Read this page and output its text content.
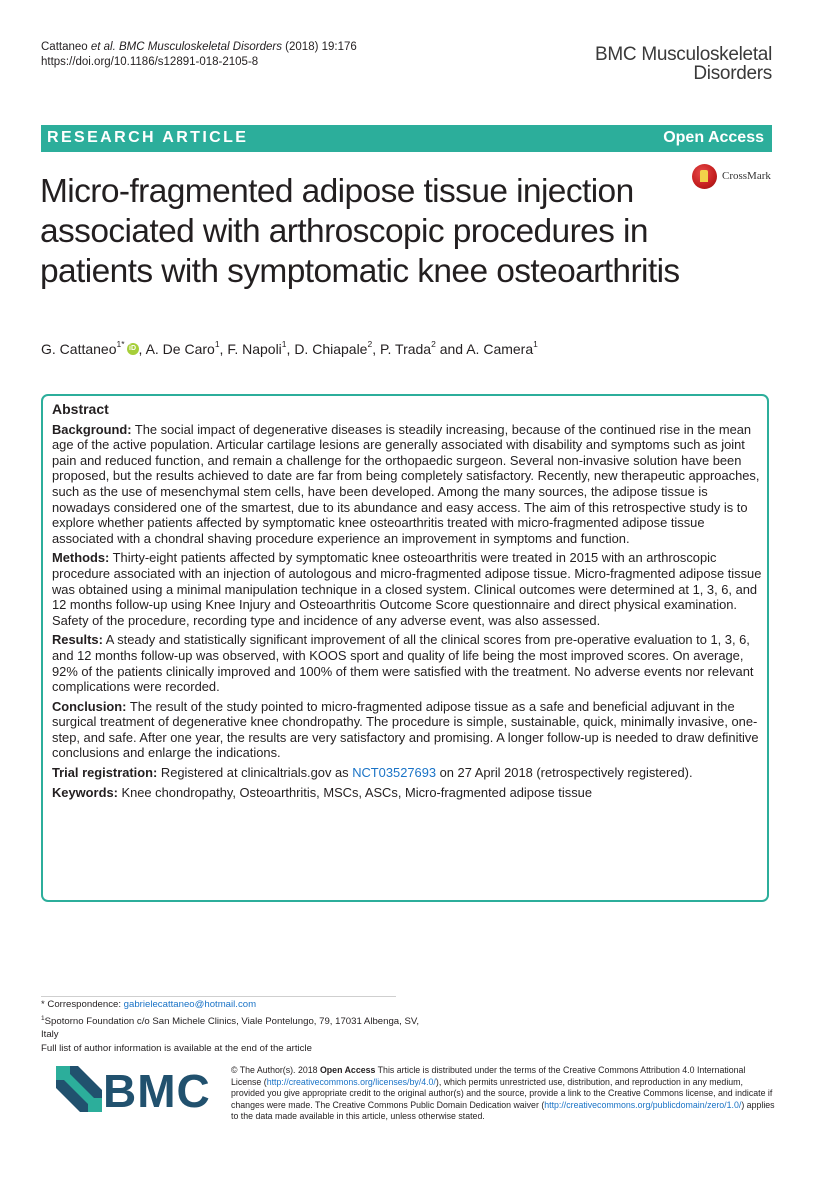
Cattaneo et al. BMC Musculoskeletal Disorders (2018) 19:176
https://doi.org/10.1186/s12891-018-2105-8	BMC Musculoskeletal
Disorders
RESEARCH ARTICLE	Open Access
CrossMark
Micro-fragmented adipose tissue injection associated with arthroscopic procedures in patients with symptomatic knee osteoarthritis
G. Cattaneo$^{1*}$ iD , A. De Caro$^1$, F. Napoli$^1$, D. Chiapale$^2$, P. Trada$^2$ and A. Camera$^1$
Abstract

Background: The social impact of degenerative diseases is steadily increasing, because of the continued rise in the mean age of the active population. Articular cartilage lesions are generally associated with disability and symptoms such as joint pain and reduced function, and remain a challenge for the orthopaedic surgeon. Several non-invasive solution have been proposed, but the results achieved to date are far from being completely satisfactory. Recently, new therapeutic approaches, such as the use of mesenchymal stem cells, have been developed. Among the many sources, the adipose tissue is nowadays considered one of the smartest, due to its abundance and easy access. The aim of this retrospective study is to explore whether patients affected by symptomatic knee osteoarthritis treated with micro-fragmented adipose tissue associated with a chondral shaving procedure experience an improvement in symptoms and function.

Methods: Thirty-eight patients affected by symptomatic knee osteoarthritis were treated in 2015 with an arthroscopic procedure associated with an injection of autologous and micro-fragmented adipose tissue. Micro-fragmented adipose tissue was obtained using a minimal manipulation technique in a closed system. Clinical outcomes were determined at 1, 3, 6, and 12 months follow-up using Knee Injury and Osteoarthritis Outcome Score questionnaire and direct physical examination. Safety of the procedure, recording type and incidence of any adverse event, was also assessed.

Results: A steady and statistically significant improvement of all the clinical scores from pre-operative evaluation to 1, 3, 6, and 12 months follow-up was observed, with KOOS sport and quality of life being the most improved scores. On average, 92% of the patients clinically improved and 100% of them were satisfied with the treatment. No adverse events nor relevant complications were recorded.

Conclusion: The result of the study pointed to micro-fragmented adipose tissue as a safe and beneficial adjuvant in the surgical treatment of degenerative knee chondropathy. The procedure is simple, sustainable, quick, minimally invasive, one-step, and safe. After one year, the results are very satisfactory and promising. A longer follow-up is needed to draw definitive conclusions and enlarge the indications.

Trial registration: Registered at clinicaltrials.gov as NCT03527693 on 27 April 2018 (retrospectively registered).

Keywords: Knee chondropathy, Osteoarthritis, MSCs, ASCs, Micro-fragmented adipose tissue

* Correspondence: gabrielecattaneo@hotmail.com
$^1$Spotorno Foundation c/o San Michele Clinics, Viale Pontelungo, 79, 17031 Albenga, SV, Italy
Full list of author information is available at the end of the article
BMC © The Author(s). 2018 Open Access This article is distributed under the terms of the Creative Commons Attribution 4.0 International License (http://creativecommons.org/licenses/by/4.0/), which permits unrestricted use, distribution, and reproduction in any medium, provided you give appropriate credit to the original author(s) and the source, provide a link to the Creative Commons license, and indicate if changes were made. The Creative Commons Public Domain Dedication waiver (http://creativecommons.org/publicdomain/zero/1.0/) applies to the data made available in this article, unless otherwise stated.
